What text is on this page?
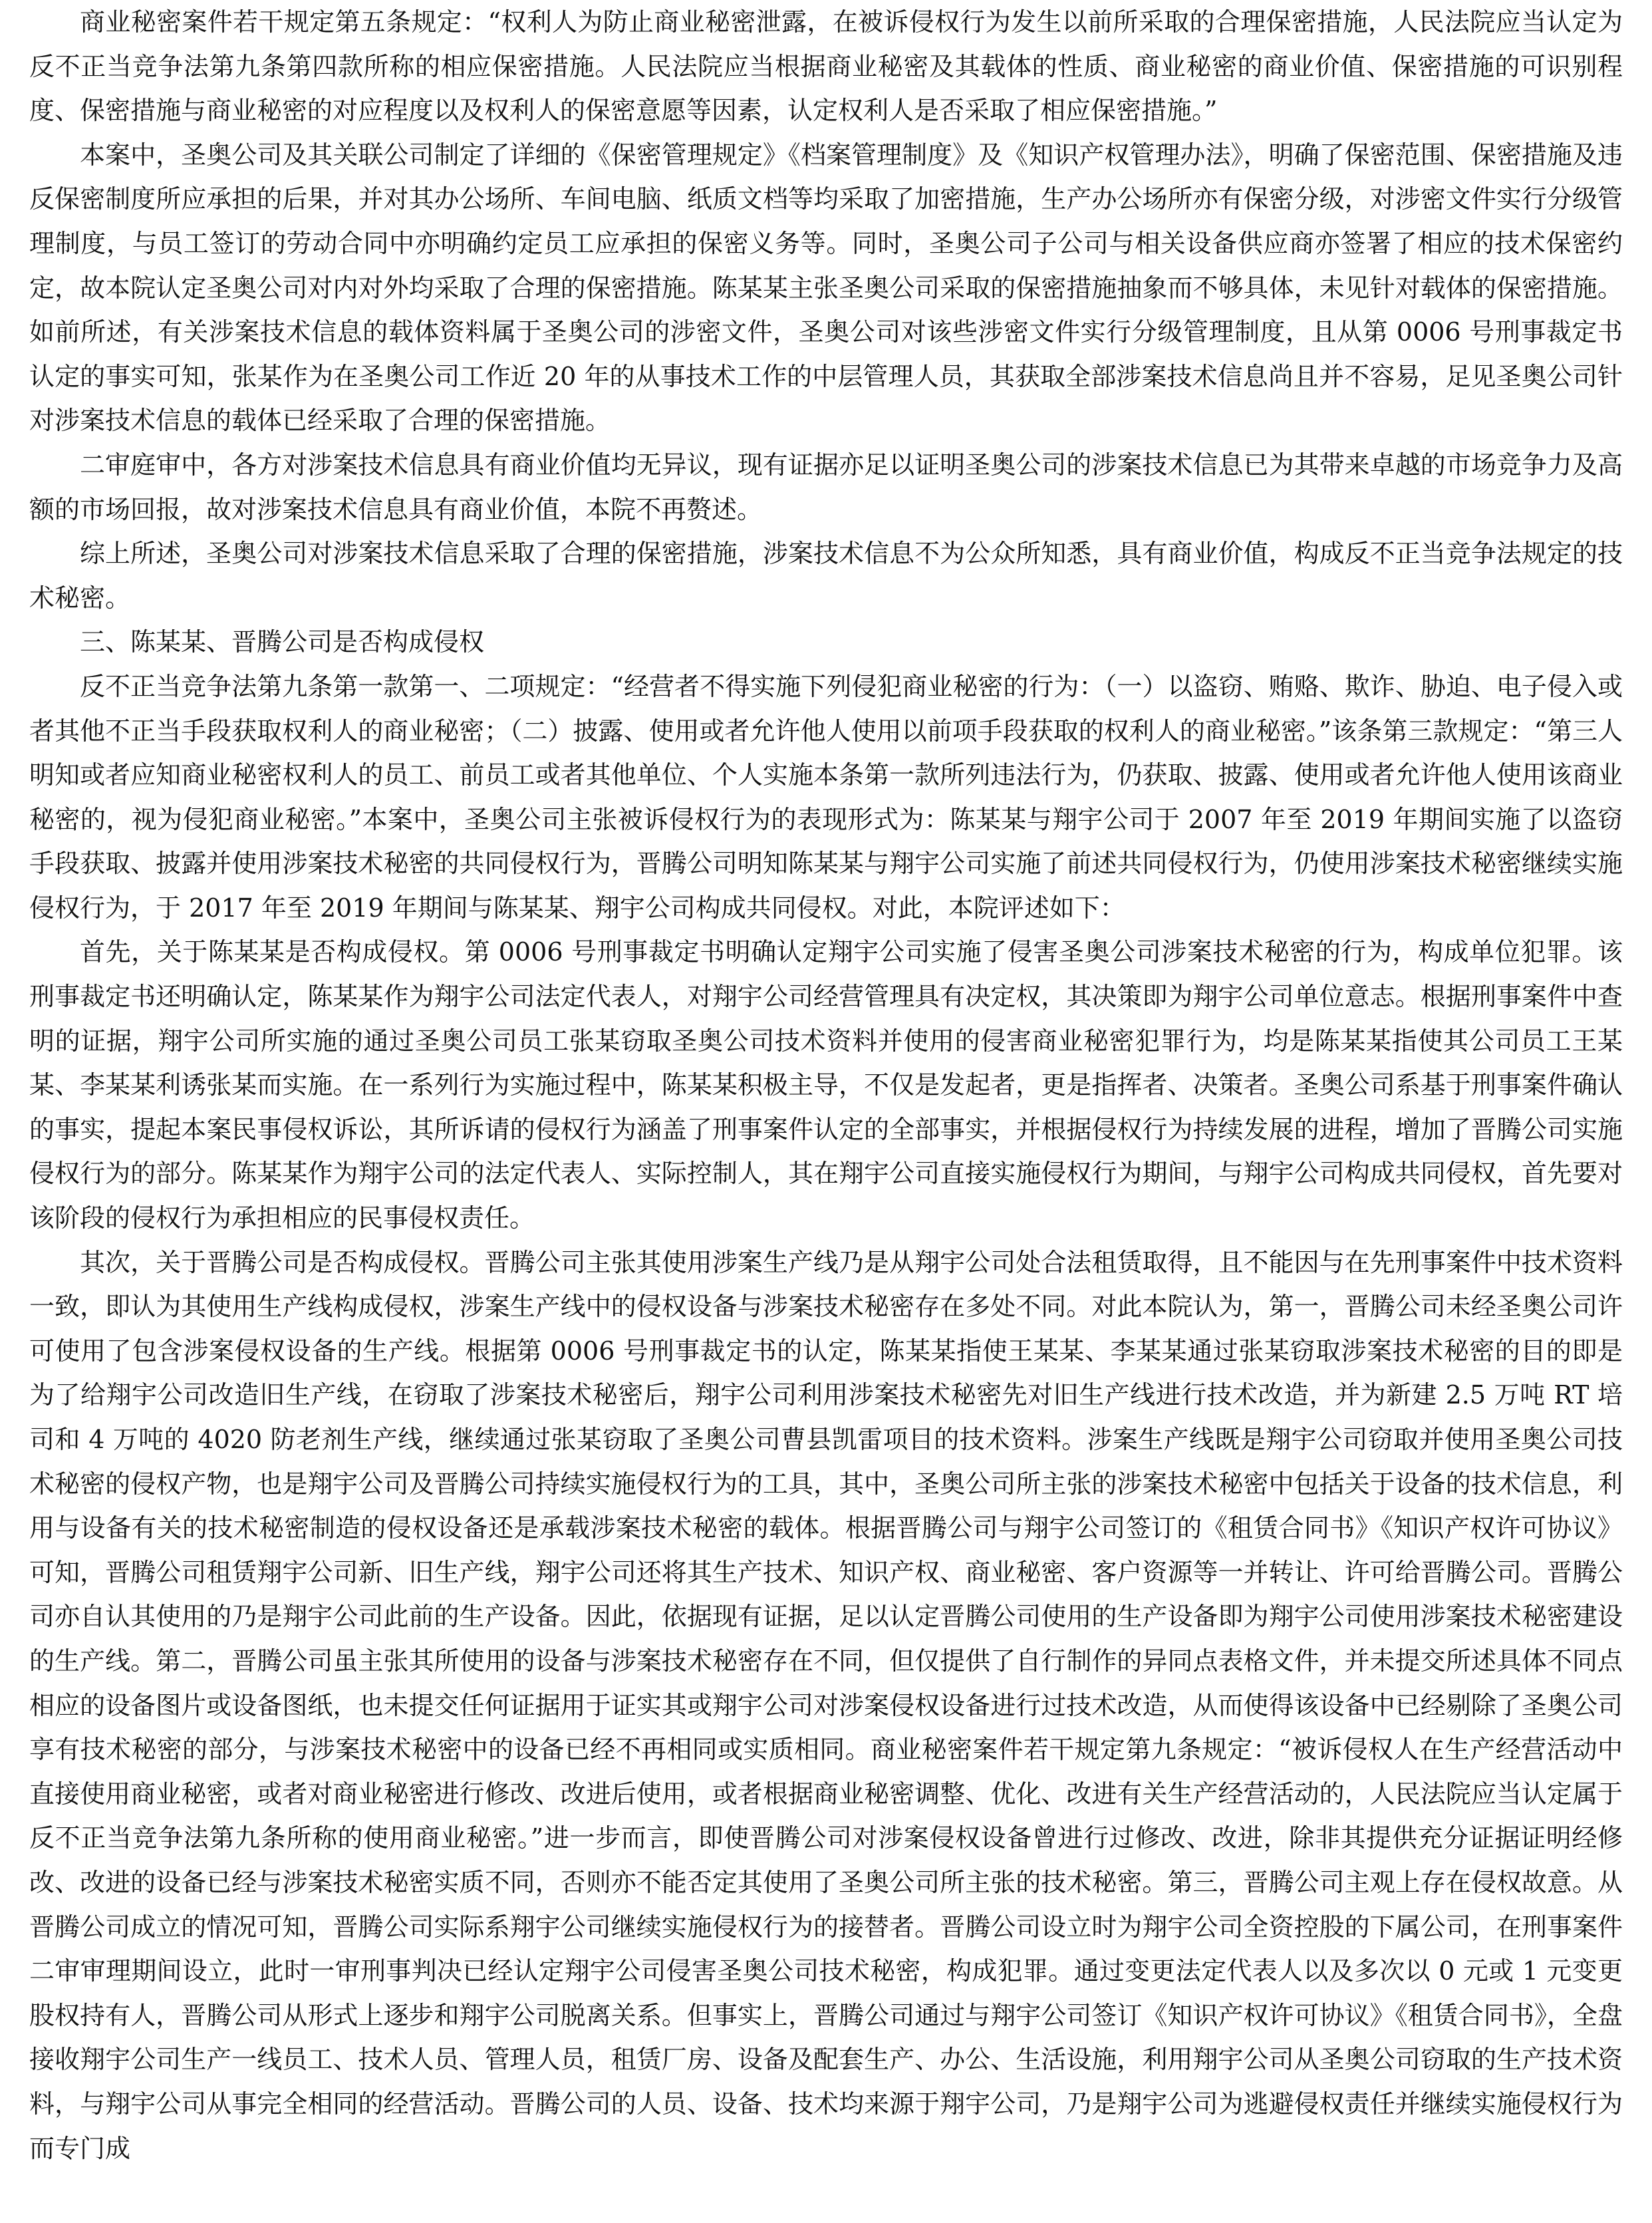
商业秘密案件若干规定第五条规定：“权利人为防止商业秘密泄露，在被诉侵权行为发生以前所采取的合理保密措施，人民法院应当认定为反不正当竞争法第九条第四款所称的相应保密措施。人民法院应当根据商业秘密及其载体的性质、商业秘密的商业价值、保密措施的可识别程度、保密措施与商业秘密的对应程度以及权利人的保密意愿等因素，认定权利人是否采取了相应保密措施。”

本案中，圣奥公司及其关联公司制定了详细的《保密管理规定》《档案管理制度》及《知识产权管理办法》，明确了保密范围、保密措施及违反保密制度所应承担的后果，并对其办公场所、车间电脑、纸质文档等均采取了加密措施，生产办公场所亦有保密分级，对涉密文件实行分级管理制度，与员工签订的劳动合同中亦明确约定员工应承担的保密义务等。同时，圣奥公司子公司与相关设备供应商亦签署了相应的技术保密约定，故本院认定圣奥公司对内对外均采取了合理的保密措施。陈某某主张圣奥公司采取的保密措施抽象而不够具体，未见针对载体的保密措施。如前所述，有关涉案技术信息的载体资料属于圣奥公司的涉密文件，圣奥公司对该些涉密文件实行分级管理制度，且从第 0006 号刑事裁定书认定的事实可知，张某作为在圣奥公司工作近 20 年的从事技术工作的中层管理人员，其获取全部涉案技术信息尚且并不容易，足见圣奥公司针对涉案技术信息的载体已经采取了合理的保密措施。

二审庭审中，各方对涉案技术信息具有商业价值均无异议，现有证据亦足以证明圣奥公司的涉案技术信息已为其带来卓越的市场竞争力及高额的市场回报，故对涉案技术信息具有商业价值，本院不再赘述。

综上所述，圣奥公司对涉案技术信息采取了合理的保密措施，涉案技术信息不为公众所知悉，具有商业价值，构成反不正当竞争法规定的技术秘密。

三、陈某某、晋腾公司是否构成侵权

反不正当竞争法第九条第一款第一、二项规定：“经营者不得实施下列侵犯商业秘密的行为：（一）以盗窃、贿赂、欺诈、胁迫、电子侵入或者其他不正当手段获取权利人的商业秘密；（二）披露、使用或者允许他人使用以前项手段获取的权利人的商业秘密。”该条第三款规定：“第三人明知或者应知商业秘密权利人的员工、前员工或者其他单位、个人实施本条第一款所列违法行为，仍获取、披露、使用或者允许他人使用该商业秘密的，视为侵犯商业秘密。”本案中，圣奥公司主张被诉侵权行为的表现形式为：陈某某与翔宇公司于 2007 年至 2019 年期间实施了以盗窃手段获取、披露并使用涉案技术秘密的共同侵权行为，晋腾公司明知陈某某与翔宇公司实施了前述共同侵权行为，仍使用涉案技术秘密继续实施侵权行为，于 2017 年至 2019 年期间与陈某某、翔宇公司构成共同侵权。对此，本院评述如下：

首先，关于陈某某是否构成侵权。第 0006 号刑事裁定书明确认定翔宇公司实施了侵害圣奥公司涉案技术秘密的行为，构成单位犯罪。该刑事裁定书还明确认定，陈某某作为翔宇公司法定代表人，对翔宇公司经营管理具有决定权，其决策即为翔宇公司单位意志。根据刑事案件中查明的证据，翔宇公司所实施的通过圣奥公司员工张某窃取圣奥公司技术资料并使用的侵害商业秘密犯罪行为，均是陈某某指使其公司员工王某某、李某某利诱张某而实施。在一系列行为实施过程中，陈某某积极主导，不仅是发起者，更是指挥者、决策者。圣奥公司系基于刑事案件确认的事实，提起本案民事侵权诉讼，其所诉请的侵权行为涵盖了刑事案件认定的全部事实，并根据侵权行为持续发展的进程，增加了晋腾公司实施侵权行为的部分。陈某某作为翔宇公司的法定代表人、实际控制人，其在翔宇公司直接实施侵权行为期间，与翔宇公司构成共同侵权，首先要对该阶段的侵权行为承担相应的民事侵权责任。

其次，关于晋腾公司是否构成侵权。晋腾公司主张其使用涉案生产线乃是从翔宇公司处合法租赁取得，且不能因与在先刑事案件中技术资料一致，即认为其使用生产线构成侵权，涉案生产线中的侵权设备与涉案技术秘密存在多处不同。对此本院认为，第一，晋腾公司未经圣奥公司许可使用了包含涉案侵权设备的生产线。根据第 0006 号刑事裁定书的认定，陈某某指使王某某、李某某通过张某窃取涉案技术秘密的目的即是为了给翔宇公司改造旧生产线，在窃取了涉案技术秘密后，翔宇公司利用涉案技术秘密先对旧生产线进行技术改造，并为新建 2.5 万吨 RT 培司和 4 万吨的 4020 防老剂生产线，继续通过张某窃取了圣奥公司曹县凯雷项目的技术资料。涉案生产线既是翔宇公司窃取并使用圣奥公司技术秘密的侵权产物，也是翔宇公司及晋腾公司持续实施侵权行为的工具，其中，圣奥公司所主张的涉案技术秘密中包括关于设备的技术信息，利用与设备有关的技术秘密制造的侵权设备还是承载涉案技术秘密的载体。根据晋腾公司与翔宇公司签订的《租赁合同书》《知识产权许可协议》可知，晋腾公司租赁翔宇公司新、旧生产线，翔宇公司还将其生产技术、知识产权、商业秘密、客户资源等一并转让、许可给晋腾公司。晋腾公司亦自认其使用的乃是翔宇公司此前的生产设备。因此，依据现有证据，足以认定晋腾公司使用的生产设备即为翔宇公司使用涉案技术秘密建设的生产线。第二，晋腾公司虽主张其所使用的设备与涉案技术秘密存在不同，但仅提供了自行制作的异同点表格文件，并未提交所述具体不同点相应的设备图片或设备图纸，也未提交任何证据用于证实其或翔宇公司对涉案侵权设备进行过技术改造，从而使得该设备中已经剔除了圣奥公司享有技术秘密的部分，与涉案技术秘密中的设备已经不再相同或实质相同。商业秘密案件若干规定第九条规定：“被诉侵权人在生产经营活动中直接使用商业秘密，或者对商业秘密进行修改、改进后使用，或者根据商业秘密调整、优化、改进有关生产经营活动的，人民法院应当认定属于反不正当竞争法第九条所称的使用商业秘密。”进一步而言，即使晋腾公司对涉案侵权设备曾进行过修改、改进，除非其提供充分证据证明经修改、改进的设备已经与涉案技术秘密实质不同，否则亦不能否定其使用了圣奥公司所主张的技术秘密。第三，晋腾公司主观上存在侵权故意。从晋腾公司成立的情况可知，晋腾公司实际系翔宇公司继续实施侵权行为的接替者。晋腾公司设立时为翔宇公司全资控股的下属公司，在刑事案件二审审理期间设立，此时一审刑事判决已经认定翔宇公司侵害圣奥公司技术秘密，构成犯罪。通过变更法定代表人以及多次以 0 元或 1 元变更股权持有人，晋腾公司从形式上逐步和翔宇公司脱离关系。但事实上，晋腾公司通过与翔宇公司签订《知识产权许可协议》《租赁合同书》，全盘接收翔宇公司生产一线员工、技术人员、管理人员，租赁厂房、设备及配套生产、办公、生活设施，利用翔宇公司从圣奥公司窃取的生产技术资料，与翔宇公司从事完全相同的经营活动。晋腾公司的人员、设备、技术均来源于翔宇公司，乃是翔宇公司为逃避侵权责任并继续实施侵权行为而专门成
